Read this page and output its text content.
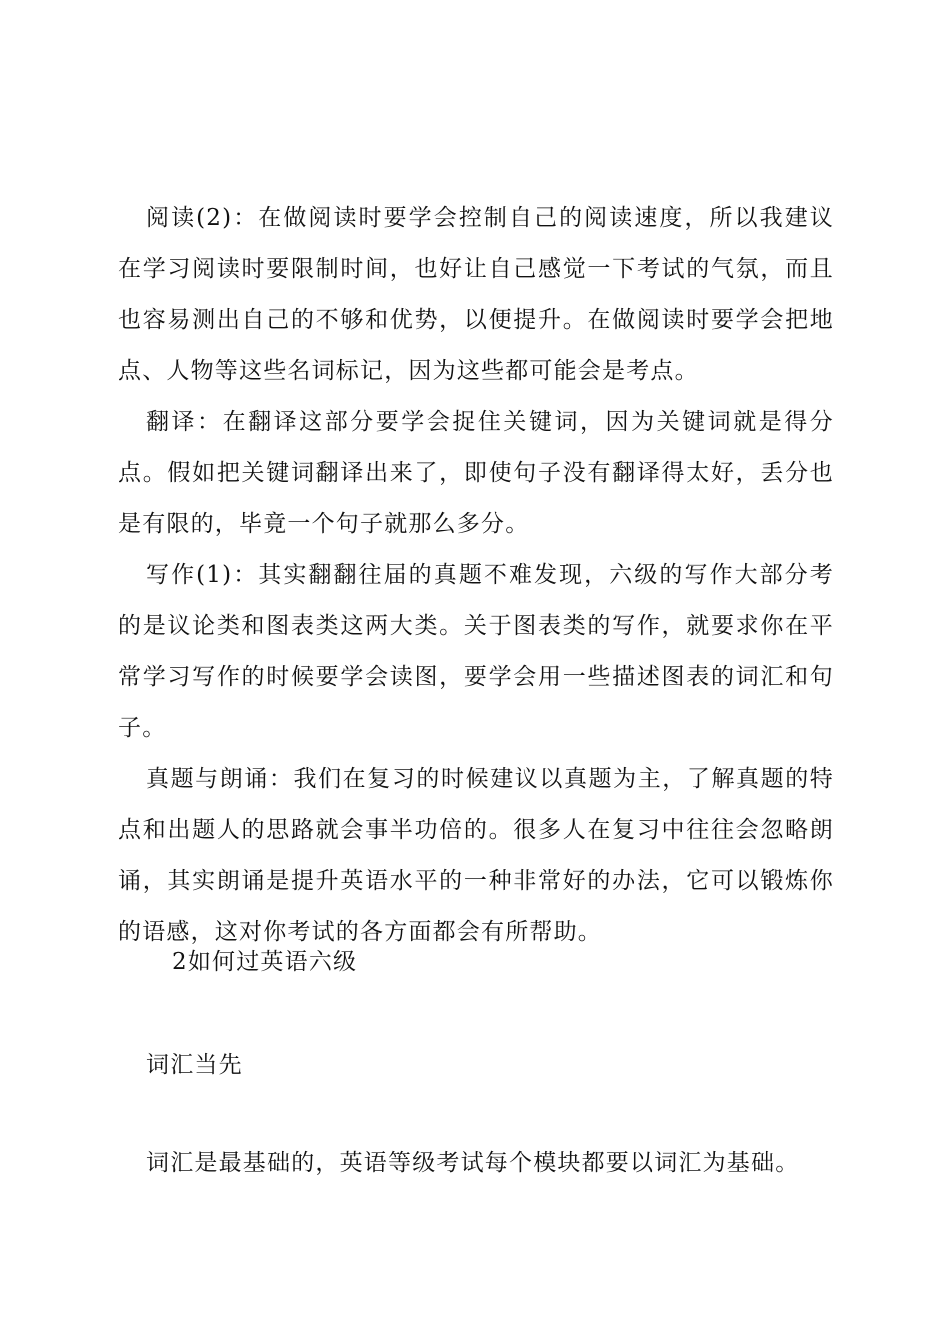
阅读(2)：在做阅读时要学会控制自己的阅读速度，所以我建议在学习阅读时要限制时间，也好让自己感觉一下考试的气氛，而且也容易测出自己的不够和优势，以便提升。在做阅读时要学会把地点、人物等这些名词标记，因为这些都可能会是考点。

翻译：在翻译这部分要学会捉住关键词，因为关键词就是得分点。假如把关键词翻译出来了，即使句子没有翻译得太好，丢分也是有限的，毕竟一个句子就那么多分。

写作(1)：其实翻翻往届的真题不难发现，六级的写作大部分考的是议论类和图表类这两大类。关于图表类的写作，就要求你在平常学习写作的时候要学会读图，要学会用一些描述图表的词汇和句子。

真题与朗诵：我们在复习的时候建议以真题为主，了解真题的特点和出题人的思路就会事半功倍的。很多人在复习中往往会忽略朗诵，其实朗诵是提升英语水平的一种非常好的办法，它可以锻炼你的语感，这对你考试的各方面都会有所帮助。

2如何过英语六级

词汇当先

词汇是最基础的，英语等级考试每个模块都要以词汇为基础。
